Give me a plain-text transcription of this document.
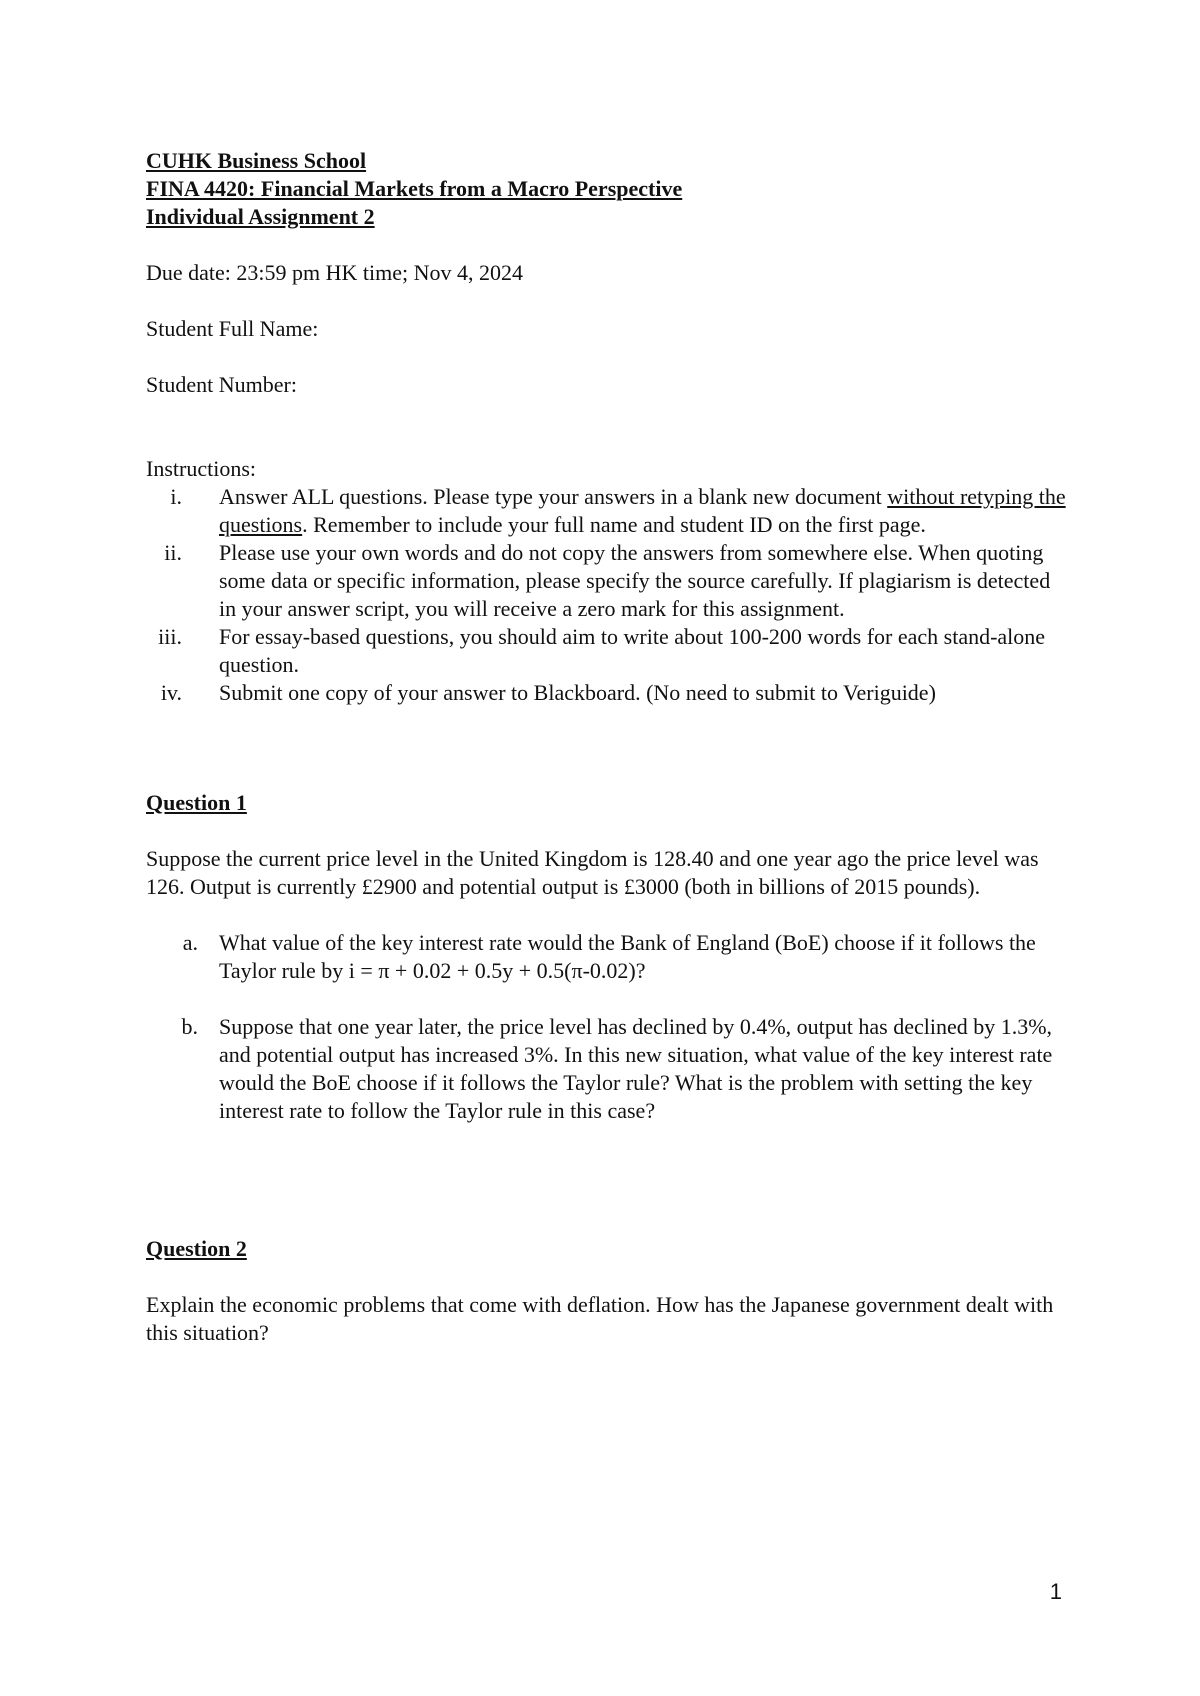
CUHK Business School

FINA 4420: Financial Markets from a Macro Perspective

Individual Assignment 2

Due date: 23:59 pm HK time; Nov 4, 2024

Student Full Name:

Student Number:

Instructions:

i. Answer ALL questions. Please type your answers in a blank new document without retyping the questions. Remember to include your full name and student ID on the first page.
ii. Please use your own words and do not copy the answers from somewhere else. When quoting some data or specific information, please specify the source carefully. If plagiarism is detected in your answer script, you will receive a zero mark for this assignment.
iii. For essay-based questions, you should aim to write about 100-200 words for each stand-alone question.
iv. Submit one copy of your answer to Blackboard. (No need to submit to Veriguide)

Question 1

Suppose the current price level in the United Kingdom is 128.40 and one year ago the price level was 126. Output is currently £2900 and potential output is £3000 (both in billions of 2015 pounds).

a. What value of the key interest rate would the Bank of England (BoE) choose if it follows the Taylor rule by i = π + 0.02 + 0.5y + 0.5(π-0.02)?
b. Suppose that one year later, the price level has declined by 0.4%, output has declined by 1.3%, and potential output has increased 3%. In this new situation, what value of the key interest rate would the BoE choose if it follows the Taylor rule? What is the problem with setting the key interest rate to follow the Taylor rule in this case?

Question 2

Explain the economic problems that come with deflation. How has the Japanese government dealt with this situation?

1
